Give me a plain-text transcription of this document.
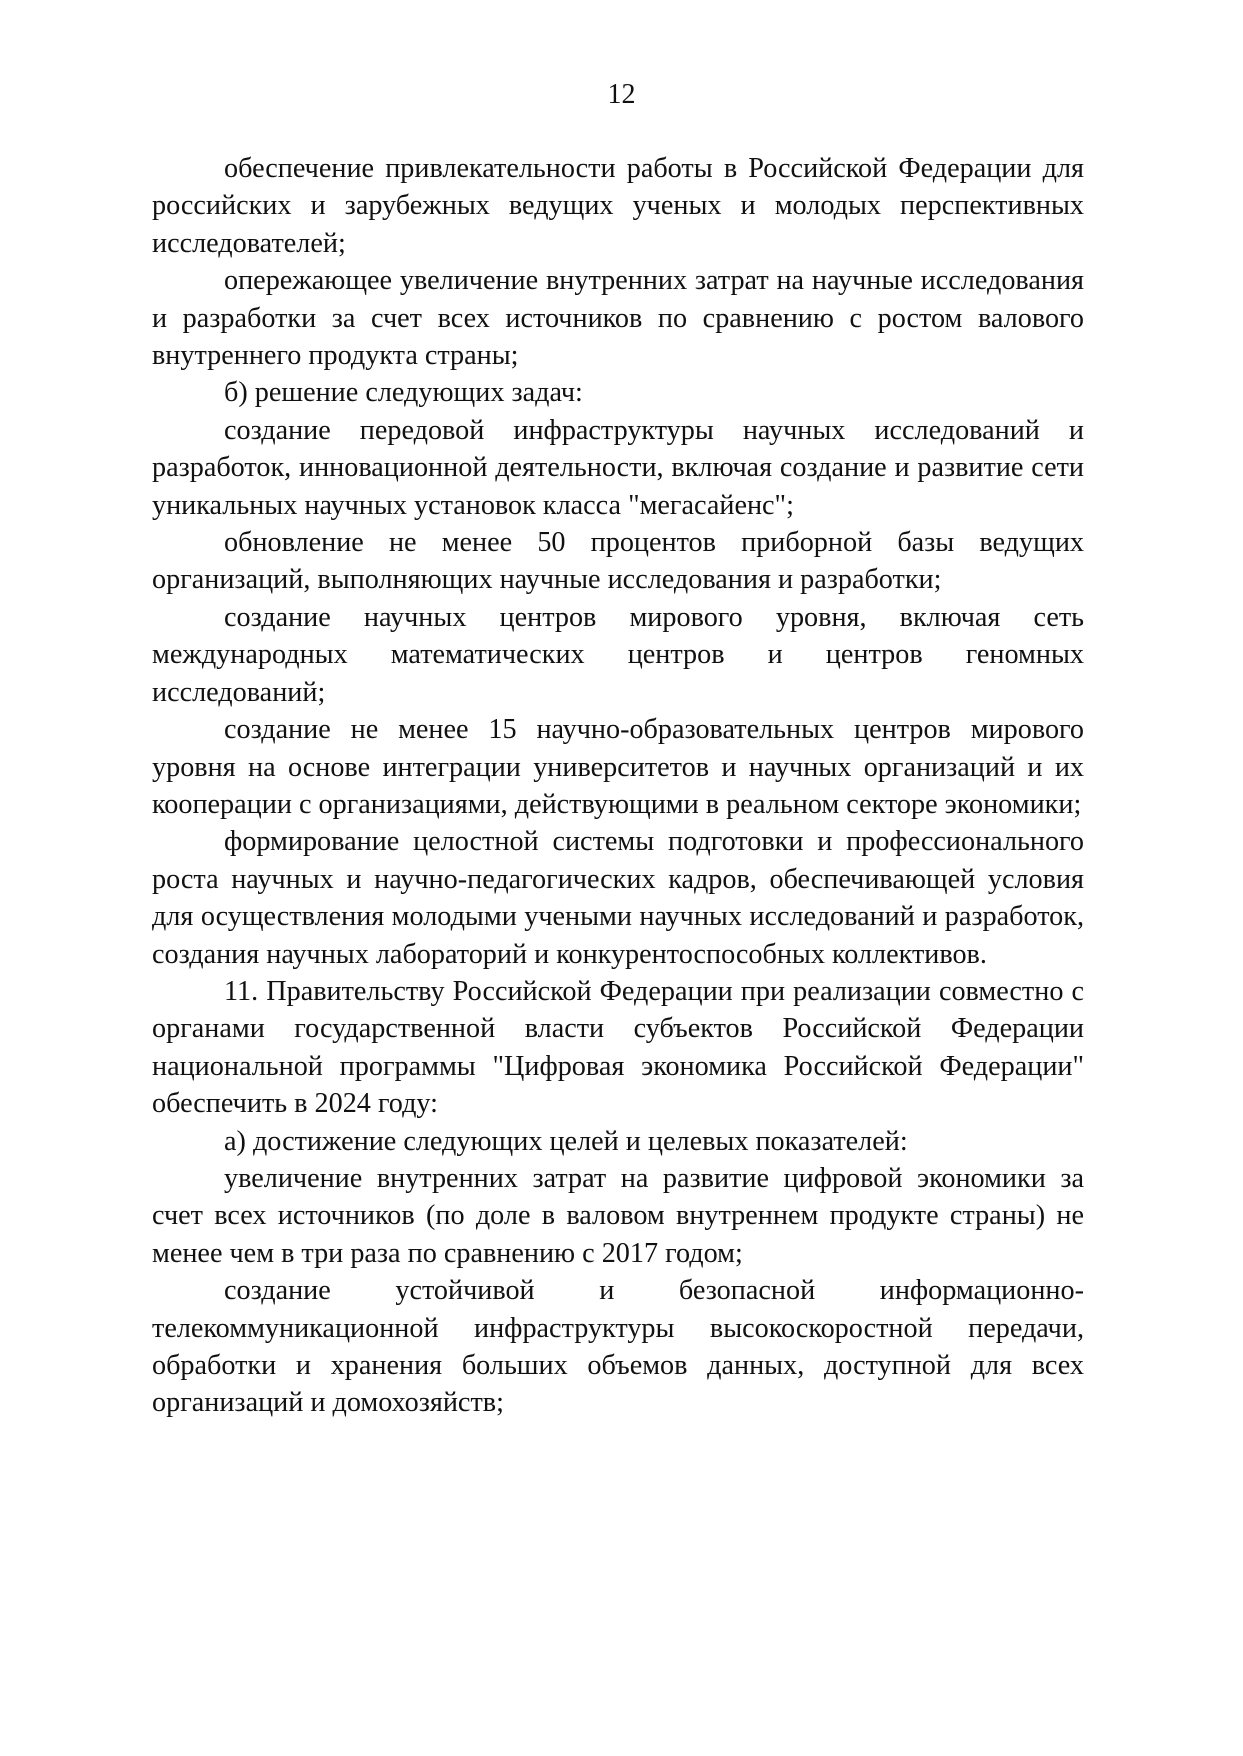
12

обеспечение привлекательности работы в Российской Федерации для российских и зарубежных ведущих ученых и молодых перспективных исследователей;

опережающее увеличение внутренних затрат на научные исследования и разработки за счет всех источников по сравнению с ростом валового внутреннего продукта страны;

б) решение следующих задач:

создание передовой инфраструктуры научных исследований и разработок, инновационной деятельности, включая создание и развитие сети уникальных научных установок класса "мегасайенс";

обновление не менее 50 процентов приборной базы ведущих организаций, выполняющих научные исследования и разработки;

создание научных центров мирового уровня, включая сеть международных математических центров и центров геномных исследований;

создание не менее 15 научно-образовательных центров мирового уровня на основе интеграции университетов и научных организаций и их кооперации с организациями, действующими в реальном секторе экономики;

формирование целостной системы подготовки и профессионального роста научных и научно-педагогических кадров, обеспечивающей условия для осуществления молодыми учеными научных исследований и разработок, создания научных лабораторий и конкурентоспособных коллективов.

11. Правительству Российской Федерации при реализации совместно с органами государственной власти субъектов Российской Федерации национальной программы "Цифровая экономика Российской Федерации" обеспечить в 2024 году:

а) достижение следующих целей и целевых показателей:

увеличение внутренних затрат на развитие цифровой экономики за счет всех источников (по доле в валовом внутреннем продукте страны) не менее чем в три раза по сравнению с 2017 годом;

создание устойчивой и безопасной информационно-телекоммуникационной инфраструктуры высокоскоростной передачи, обработки и хранения больших объемов данных, доступной для всех организаций и домохозяйств;
